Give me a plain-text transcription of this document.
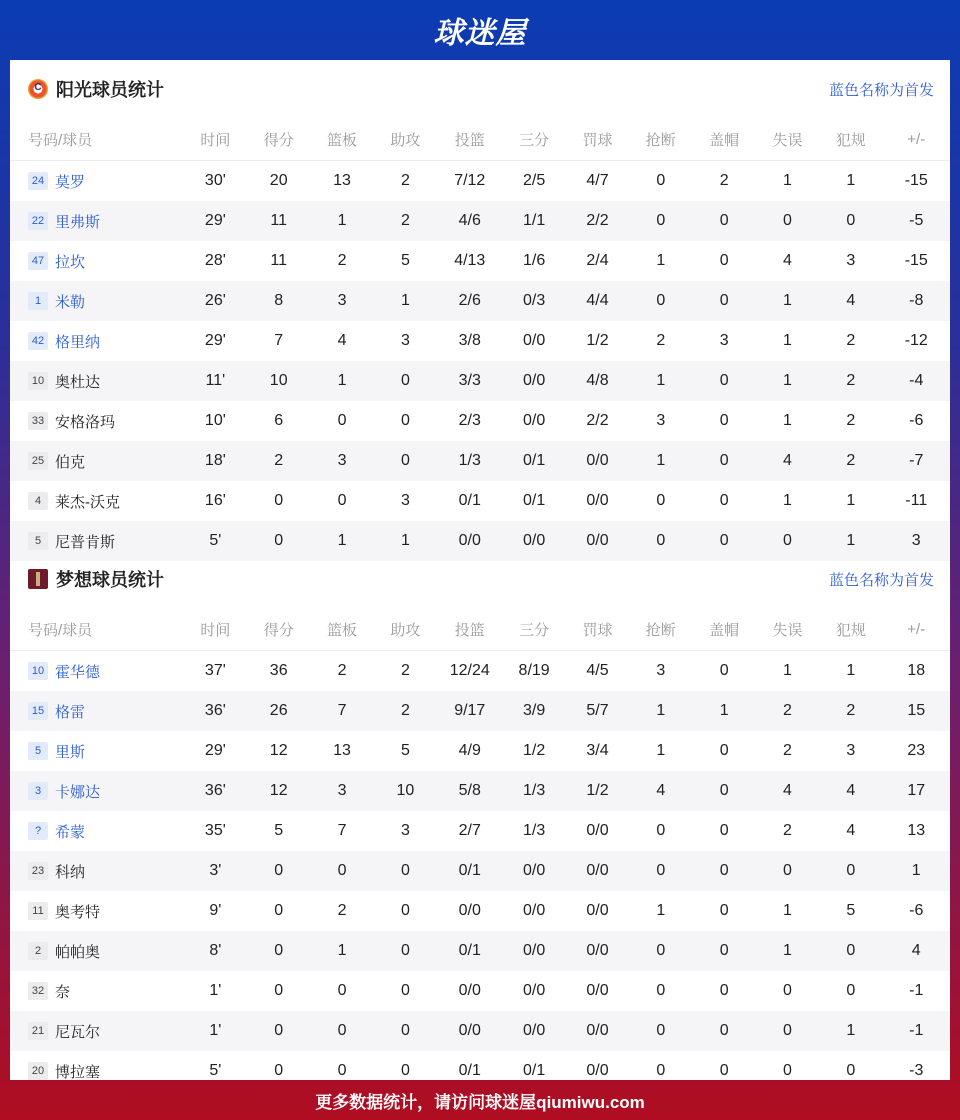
球迷屋
C
阳光球员统计	蓝色名称为首发
号码/球员	时间	得分	篮板	助攻	投篮	三分	罚球	抢断	盖帽	失误	犯规	+/-
24 莫罗	30'	20	13	2	7/12	2/5	4/7	0	2	1	1	-15
22 里弗斯	29'	11	1	2	4/6	1/1	2/2	0	0	0	0	-5
47 拉坎	28'	11	2	5	4/13	1/6	2/4	1	0	4	3	-15
1 米勒	26'	8	3	1	2/6	0/3	4/4	0	0	1	4	-8
42 格里纳	29'	7	4	3	3/8	0/0	1/2	2	3	1	2	-12
10 奥杜达	11'	10	1	0	3/3	0/0	4/8	1	0	1	2	-4
33 安格洛玛	10'	6	0	0	2/3	0/0	2/2	3	0	1	2	-6
25 伯克	18'	2	3	0	1/3	0/1	0/0	1	0	4	2	-7
4 莱杰-沃克	16'	0	0	3	0/1	0/1	0/0	0	0	1	1	-11
5 尼普肯斯	5'	0	1	1	0/0	0/0	0/0	0	0	0	1	3
梦想球员统计	蓝色名称为首发
号码/球员	时间	得分	篮板	助攻	投篮	三分	罚球	抢断	盖帽	失误	犯规	+/-
10 霍华德	37'	36	2	2	12/24	8/19	4/5	3	0	1	1	18
15 格雷	36'	26	7	2	9/17	3/9	5/7	1	1	2	2	15
5 里斯	29'	12	13	5	4/9	1/2	3/4	1	0	2	3	23
3 卡娜达	36'	12	3	10	5/8	1/3	1/2	4	0	4	4	17
? 希蒙	35'	5	7	3	2/7	1/3	0/0	0	0	2	4	13
23 科纳	3'	0	0	0	0/1	0/0	0/0	0	0	0	0	1
11 奥考特	9'	0	2	0	0/0	0/0	0/0	1	0	1	5	-6
2 帕帕奥	8'	0	1	0	0/1	0/0	0/0	0	0	1	0	4
32 奈	1'	0	0	0	0/0	0/0	0/0	0	0	0	0	-1
21 尼瓦尔	1'	0	0	0	0/0	0/0	0/0	0	0	0	1	-1
20 博拉塞	5'	0	0	0	0/1	0/1	0/0	0	0	0	0	-3
更多数据统计，请访问球迷屋qiumiwu.com
